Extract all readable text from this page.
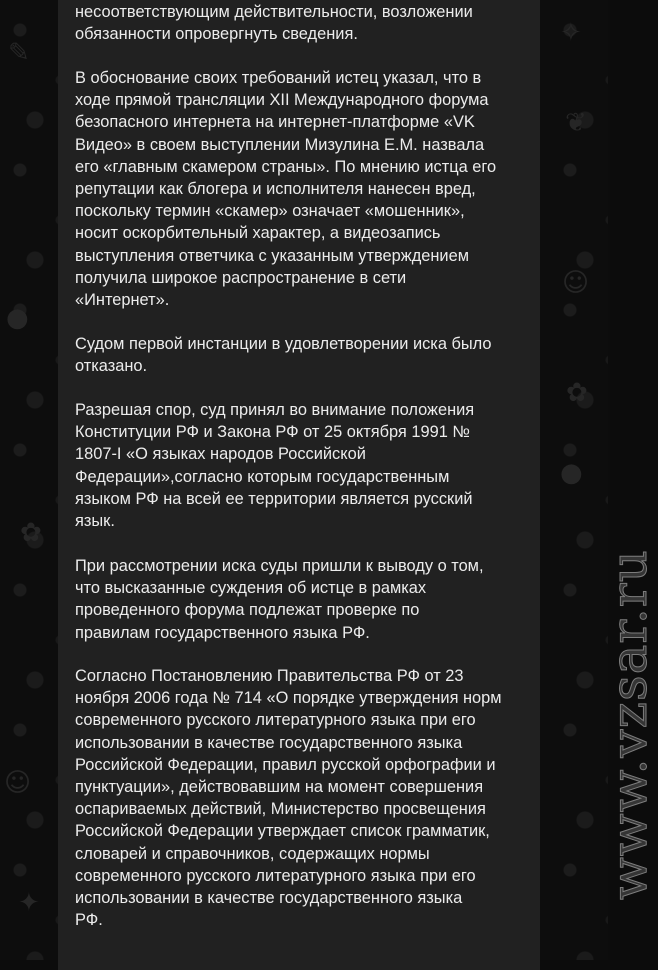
✎
●
✿
☺
✦
✧
❦
☺
✿
●

несоответствующим действительности, возложении
обязанности опровергнуть сведения.

В обоснование своих требований истец указал, что в
ходе прямой трансляции XII Международного форума
безопасного интернета на интернет-платформе «VK
Видео» в своем выступлении Мизулина Е.М. назвала
его «главным скамером страны». По мнению истца его
репутации как блогера и исполнителя нанесен вред,
поскольку термин «скамер» означает «мошенник»,
носит оскорбительный характер, а видеозапись
выступления ответчика с указанным утверждением
получила широкое распространение в сети
«Интернет».

Судом первой инстанции в удовлетворении иска было
отказано.

Разрешая спор, суд принял во внимание положения
Конституции РФ и Закона РФ от 25 октября 1991 №
1807-I «О языках народов Российской
Федерации»,согласно которым государственным
языком РФ на всей ее территории является русский
язык.

При рассмотрении иска суды пришли к выводу о том,
что высказанные суждения об истце в рамках
проведенного форума подлежат проверке по
правилам государственного языка РФ.

Согласно Постановлению Правительства РФ от 23
ноября 2006 года № 714 «О порядке утверждения норм
современного русского литературного языка при его
использовании в качестве государственного языка
Российской Федерации, правил русской орфографии и
пунктуации», действовавшим на момент совершения
оспариваемых действий, Министерство просвещения
Российской Федерации утверждает список грамматик,
словарей и справочников, содержащих нормы
современного русского литературного языка при его
использовании в качестве государственного языка
РФ.

www.vzsar.ru
